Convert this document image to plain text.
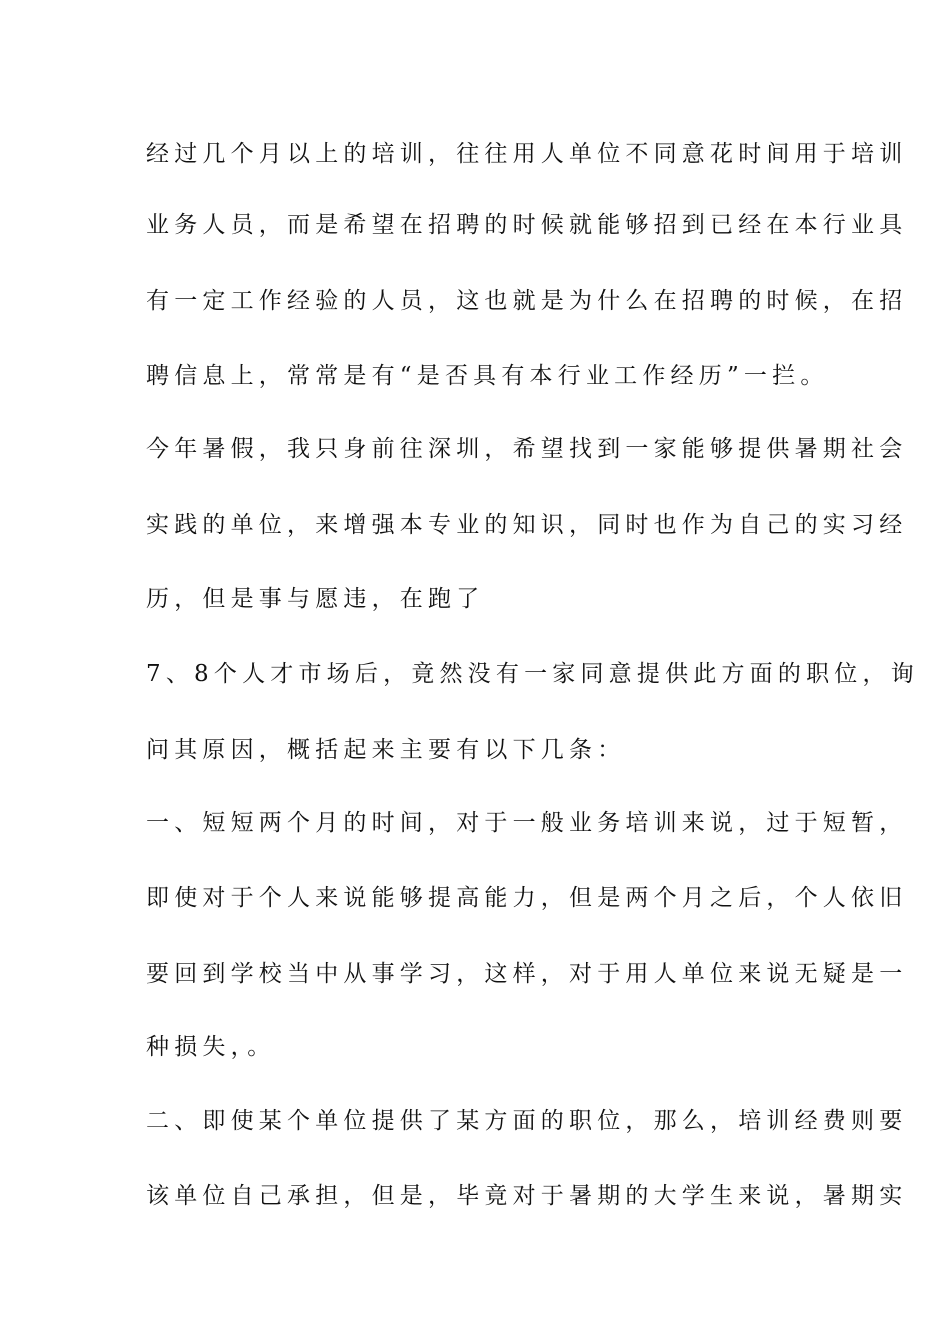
经过几个月以上的培训，往往用人单位不同意花时间用于培训
业务人员，而是希望在招聘的时候就能够招到已经在本行业具
有一定工作经验的人员，这也就是为什么在招聘的时候，在招
聘信息上，常常是有“是否具有本行业工作经历”一拦。
今年暑假，我只身前往深圳，希望找到一家能够提供暑期社会
实践的单位，来增强本专业的知识，同时也作为自己的实习经
历，但是事与愿违，在跑了
7、8个人才市场后，竟然没有一家同意提供此方面的职位，询
问其原因，概括起来主要有以下几条：
一、短短两个月的时间，对于一般业务培训来说，过于短暂，
即使对于个人来说能够提高能力，但是两个月之后，个人依旧
要回到学校当中从事学习，这样，对于用人单位来说无疑是一
种损失，。
二、即使某个单位提供了某方面的职位，那么，培训经费则要
该单位自己承担，但是，毕竟对于暑期的大学生来说，暑期实
